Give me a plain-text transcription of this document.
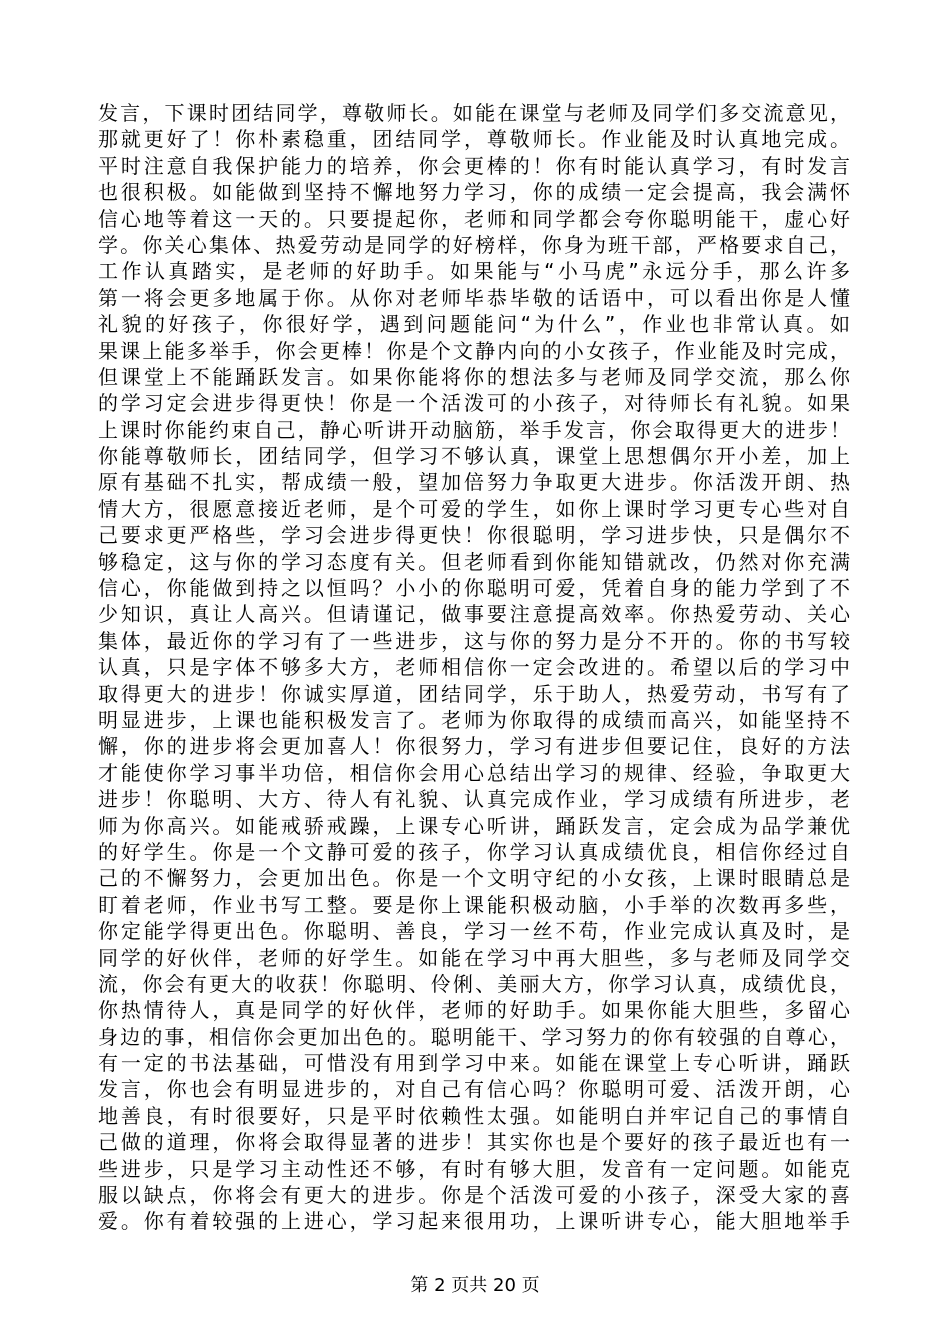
发言，下课时团结同学，尊敬师长。如能在课堂与老师及同学们多交流意见，
那就更好了！你朴素稳重，团结同学，尊敬师长。作业能及时认真地完成。
平时注意自我保护能力的培养，你会更棒的！你有时能认真学习，有时发言
也很积极。如能做到坚持不懈地努力学习，你的成绩一定会提高，我会满怀
信心地等着这一天的。只要提起你，老师和同学都会夸你聪明能干，虚心好
学。你关心集体、热爱劳动是同学的好榜样，你身为班干部，严格要求自己，
工作认真踏实，是老师的好助手。如果能与“小马虎”永远分手，那么许多
第一将会更多地属于你。从你对老师毕恭毕敬的话语中，可以看出你是人懂
礼貌的好孩子，你很好学，遇到问题能问“为什么”，作业也非常认真。如
果课上能多举手，你会更棒！你是个文静内向的小女孩子，作业能及时完成，
但课堂上不能踊跃发言。如果你能将你的想法多与老师及同学交流，那么你
的学习定会进步得更快！你是一个活泼可的小孩子，对待师长有礼貌。如果
上课时你能约束自己，静心听讲开动脑筋，举手发言，你会取得更大的进步！
你能尊敬师长，团结同学，但学习不够认真，课堂上思想偶尔开小差，加上
原有基础不扎实，帮成绩一般，望加倍努力争取更大进步。你活泼开朗、热
情大方，很愿意接近老师，是个可爱的学生，如你上课时学习更专心些对自
己要求更严格些，学习会进步得更快！你很聪明，学习进步快，只是偶尔不
够稳定，这与你的学习态度有关。但老师看到你能知错就改，仍然对你充满
信心，你能做到持之以恒吗？小小的你聪明可爱，凭着自身的能力学到了不
少知识，真让人高兴。但请谨记，做事要注意提高效率。你热爱劳动、关心
集体，最近你的学习有了一些进步，这与你的努力是分不开的。你的书写较
认真，只是字体不够多大方，老师相信你一定会改进的。希望以后的学习中
取得更大的进步！你诚实厚道，团结同学，乐于助人，热爱劳动，书写有了
明显进步，上课也能积极发言了。老师为你取得的成绩而高兴，如能坚持不
懈，你的进步将会更加喜人！你很努力，学习有进步但要记住，良好的方法
才能使你学习事半功倍，相信你会用心总结出学习的规律、经验，争取更大
进步！你聪明、大方、待人有礼貌、认真完成作业，学习成绩有所进步，老
师为你高兴。如能戒骄戒躁，上课专心听讲，踊跃发言，定会成为品学兼优
的好学生。你是一个文静可爱的孩子，你学习认真成绩优良，相信你经过自
己的不懈努力，会更加出色。你是一个文明守纪的小女孩，上课时眼睛总是
盯着老师，作业书写工整。要是你上课能积极动脑，小手举的次数再多些，
你定能学得更出色。你聪明、善良，学习一丝不苟，作业完成认真及时，是
同学的好伙伴，老师的好学生。如能在学习中再大胆些，多与老师及同学交
流，你会有更大的收获！你聪明、伶俐、美丽大方，你学习认真，成绩优良，
你热情待人，真是同学的好伙伴，老师的好助手。如果你能大胆些，多留心
身边的事，相信你会更加出色的。聪明能干、学习努力的你有较强的自尊心，
有一定的书法基础，可惜没有用到学习中来。如能在课堂上专心听讲，踊跃
发言，你也会有明显进步的，对自己有信心吗？你聪明可爱、活泼开朗，心
地善良，有时很要好，只是平时依赖性太强。如能明白并牢记自己的事情自
己做的道理，你将会取得显著的进步！其实你也是个要好的孩子最近也有一
些进步，只是学习主动性还不够，有时有够大胆，发音有一定问题。如能克
服以缺点，你将会有更大的进步。你是个活泼可爱的小孩子，深受大家的喜
爱。你有着较强的上进心，学习起来很用功，上课听讲专心，能大胆地举手
第 2 页共 20 页
